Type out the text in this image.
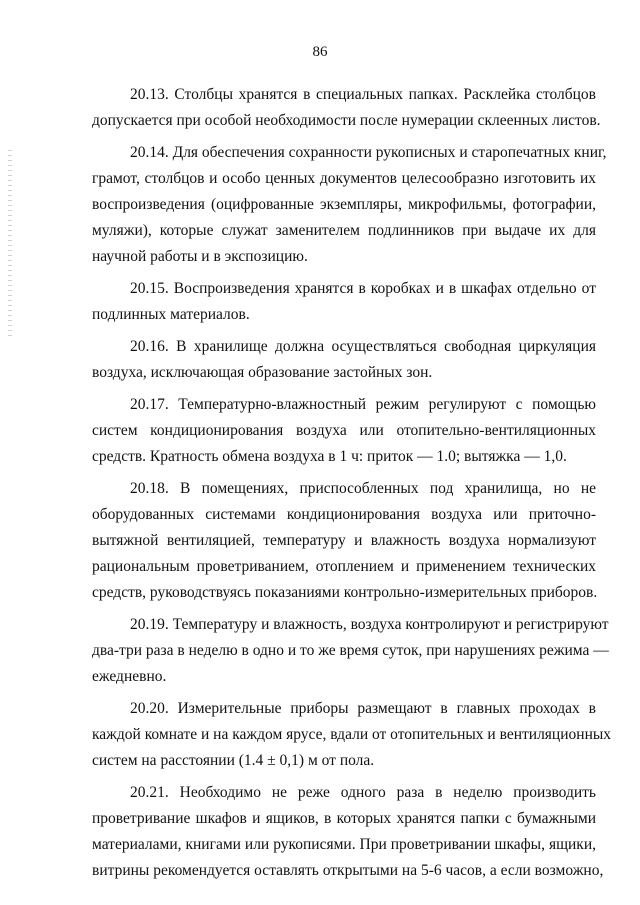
86
20.13. Столбцы хранятся в специальных папках. Расклейка столбцов
допускается при особой необходимости после нумерации склеенных листов.
20.14. Для обеспечения сохранности рукописных и старопечатных книг,
грамот, столбцов и особо ценных документов целесообразно изготовить их
воспроизведения (оцифрованные экземпляры, микрофильмы, фотографии,
муляжи), которые служат заменителем подлинников при выдаче их для
научной работы и в экспозицию.
20.15. Воспроизведения хранятся в коробках и в шкафах отдельно от
подлинных материалов.
20.16. В хранилище должна осуществляться свободная циркуляция
воздуха, исключающая образование застойных зон.
20.17. Температурно-влажностный режим регулируют с помощью
систем кондиционирования воздуха или отопительно-вентиляционных
средств. Кратность обмена воздуха в 1 ч: приток — 1.0; вытяжка — 1,0.
20.18. В помещениях, приспособленных под хранилища, но не
оборудованных системами кондиционирования воздуха или приточно-
вытяжной вентиляцией, температуру и влажность воздуха нормализуют
рациональным проветриванием, отоплением и применением технических
средств, руководствуясь показаниями контрольно-измерительных приборов.
20.19. Температуру и влажность, воздуха контролируют и регистрируют
два-три раза в неделю в одно и то же время суток, при нарушениях режима —
ежедневно.
20.20. Измерительные приборы размещают в главных проходах в
каждой комнате и на каждом ярусе, вдали от отопительных и вентиляционных
систем на расстоянии (1.4 ± 0,1) м от пола.
20.21. Необходимо не реже одного раза в неделю производить
проветривание шкафов и ящиков, в которых хранятся папки с бумажными
материалами, книгами или рукописями. При проветривании шкафы, ящики,
витрины рекомендуется оставлять открытыми на 5-6 часов, а если возможно,
